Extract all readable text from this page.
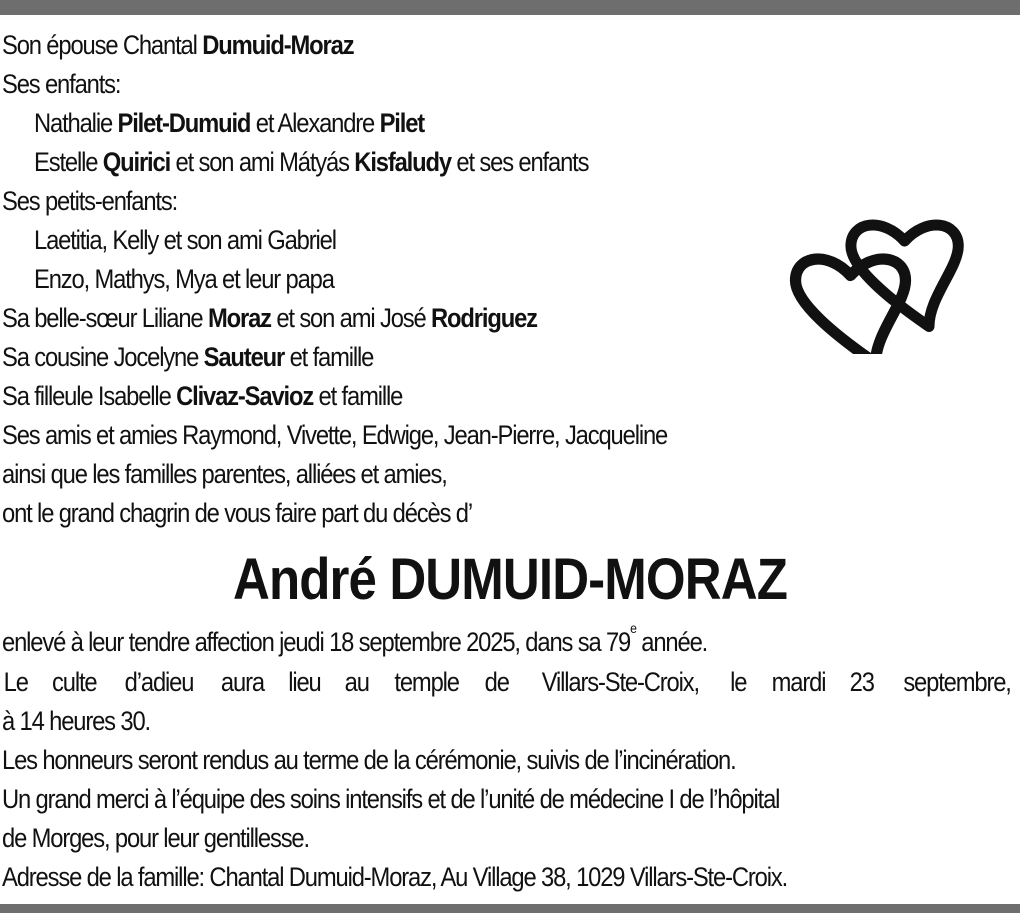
Son épouse Chantal Dumuid-Moraz
Ses enfants:
Nathalie Pilet-Dumuid et Alexandre Pilet
Estelle Quirici et son ami Mátyás Kisfaludy et ses enfants
Ses petits-enfants:
Laetitia, Kelly et son ami Gabriel
Enzo, Mathys, Mya et leur papa
Sa belle-sœur Liliane Moraz et son ami José Rodriguez
Sa cousine Jocelyne Sauteur et famille
Sa filleule Isabelle Clivaz-Savioz et famille
Ses amis et amies Raymond, Vivette, Edwige, Jean-Pierre, Jacqueline
ainsi que les familles parentes, alliées et amies,
ont le grand chagrin de vous faire part du décès d’
André DUMUID-MORAZ
enlevé à leur tendre affection jeudi 18 septembre 2025, dans sa 79e année.
Le culte d’adieu aura lieu au temple de Villars-Ste-Croix, le mardi 23 septembre,
à 14 heures 30.
Les honneurs seront rendus au terme de la cérémonie, suivis de l’incinération.
Un grand merci à l’équipe des soins intensifs et de l’unité de médecine I de l’hôpital
de Morges, pour leur gentillesse.
Adresse de la famille: Chantal Dumuid-Moraz, Au Village 38, 1029 Villars-Ste-Croix.
